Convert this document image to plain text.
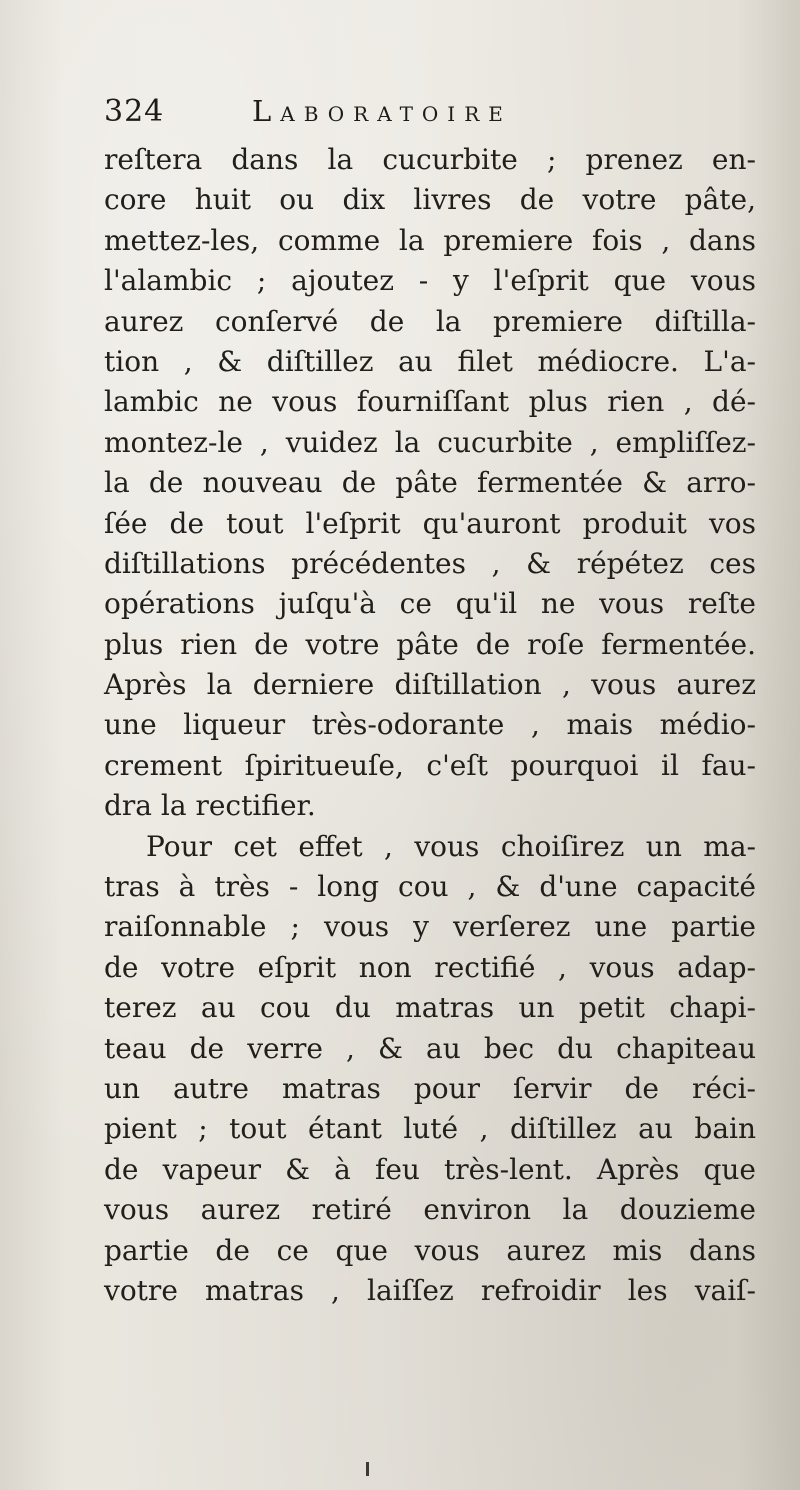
324	Laboratoire
reſtera dans la cucurbite ; prenez en-
core huit ou dix livres de votre pâte,
mettez-les, comme la premiere fois , dans
l'alambic ; ajoutez - y l'eſprit que vous
aurez conſervé de la premiere diſtilla-
tion , & diſtillez au filet médiocre. L'a-
lambic ne vous fourniſſant plus rien , dé-
montez-le , vuidez la cucurbite , empliſſez-
la de nouveau de pâte fermentée & arro-
ſée de tout l'eſprit qu'auront produit vos
diſtillations précédentes , & répétez ces
opérations juſqu'à ce qu'il ne vous reſte
plus rien de votre pâte de roſe fermentée.
Après la derniere diſtillation , vous aurez
une liqueur très-odorante , mais médio-
crement ſpiritueuſe, c'eſt pourquoi il fau-
dra la rectifier.
Pour cet effet , vous choiſirez un ma-
tras à très - long cou , & d'une capacité
raiſonnable ; vous y verſerez une partie
de votre eſprit non rectifié , vous adap-
terez au cou du matras un petit chapi-
teau de verre , & au bec du chapiteau
un autre matras pour ſervir de réci-
pient ; tout étant luté , diſtillez au bain
de vapeur & à feu très-lent. Après que
vous aurez retiré environ la douzieme
partie de ce que vous aurez mis dans
votre matras , laiſſez refroidir les vaiſ-
